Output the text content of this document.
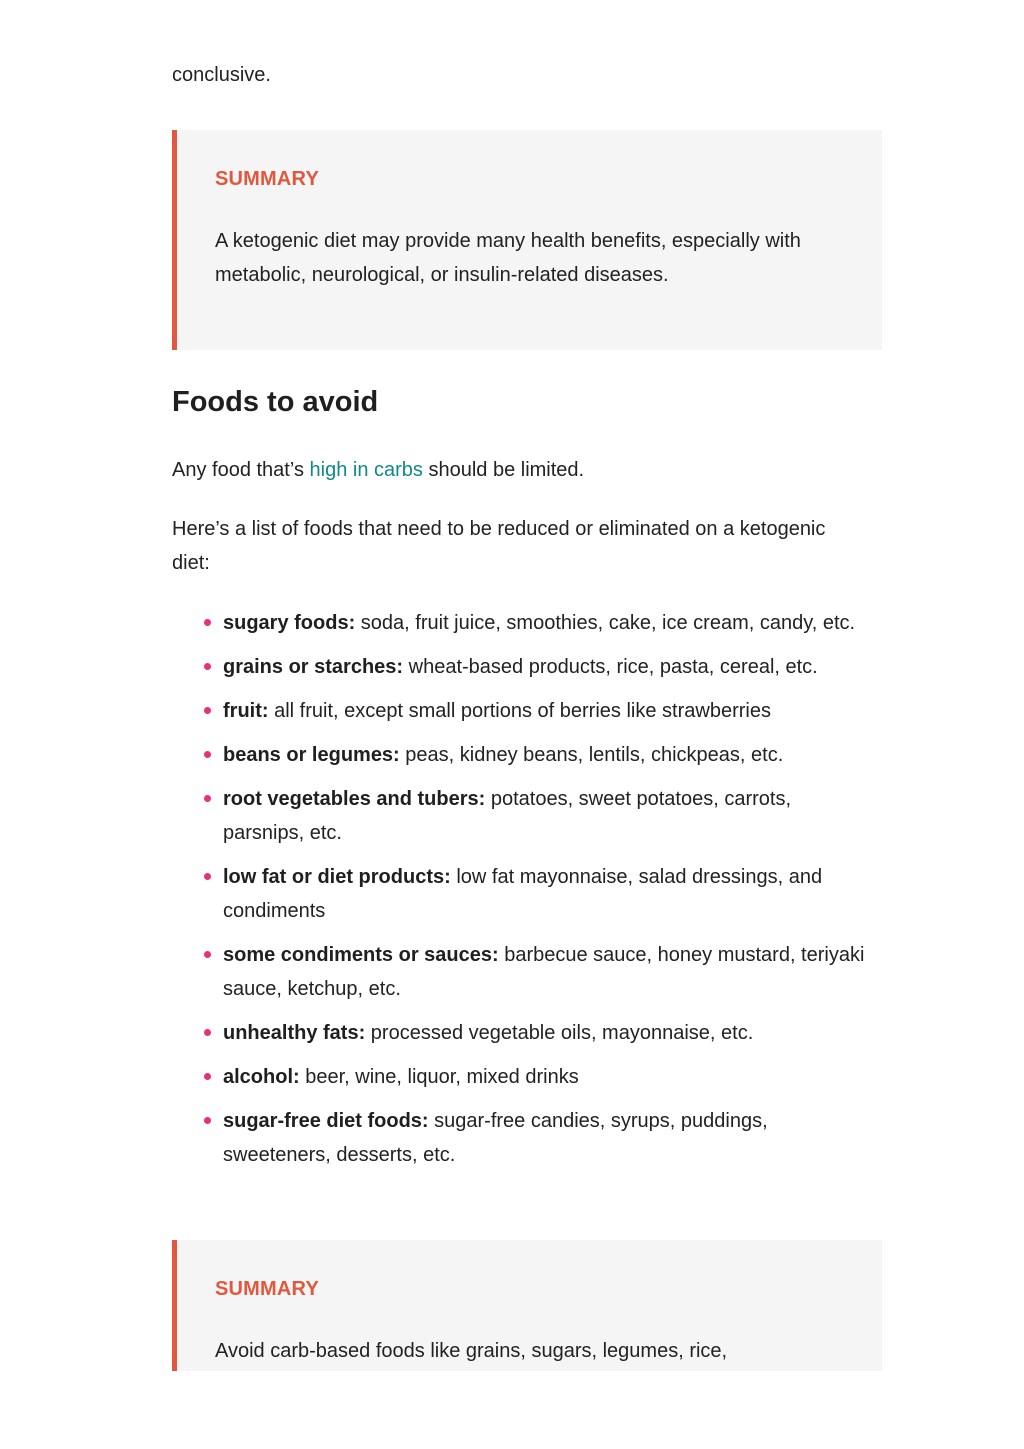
conclusive.

SUMMARY
A ketogenic diet may provide many health benefits, especially with metabolic, neurological, or insulin-related diseases.
Foods to avoid

Any food that’s high in carbs should be limited.

Here’s a list of foods that need to be reduced or eliminated on a ketogenic diet:

sugary foods: soda, fruit juice, smoothies, cake, ice cream, candy, etc.
grains or starches: wheat-based products, rice, pasta, cereal, etc.
fruit: all fruit, except small portions of berries like strawberries
beans or legumes: peas, kidney beans, lentils, chickpeas, etc.
root vegetables and tubers: potatoes, sweet potatoes, carrots, parsnips, etc.
low fat or diet products: low fat mayonnaise, salad dressings, and condiments
some condiments or sauces: barbecue sauce, honey mustard, teriyaki sauce, ketchup, etc.
unhealthy fats: processed vegetable oils, mayonnaise, etc.
alcohol: beer, wine, liquor, mixed drinks
sugar-free diet foods: sugar-free candies, syrups, puddings, sweeteners, desserts, etc.
SUMMARY
Avoid carb-based foods like grains, sugars, legumes, rice,
